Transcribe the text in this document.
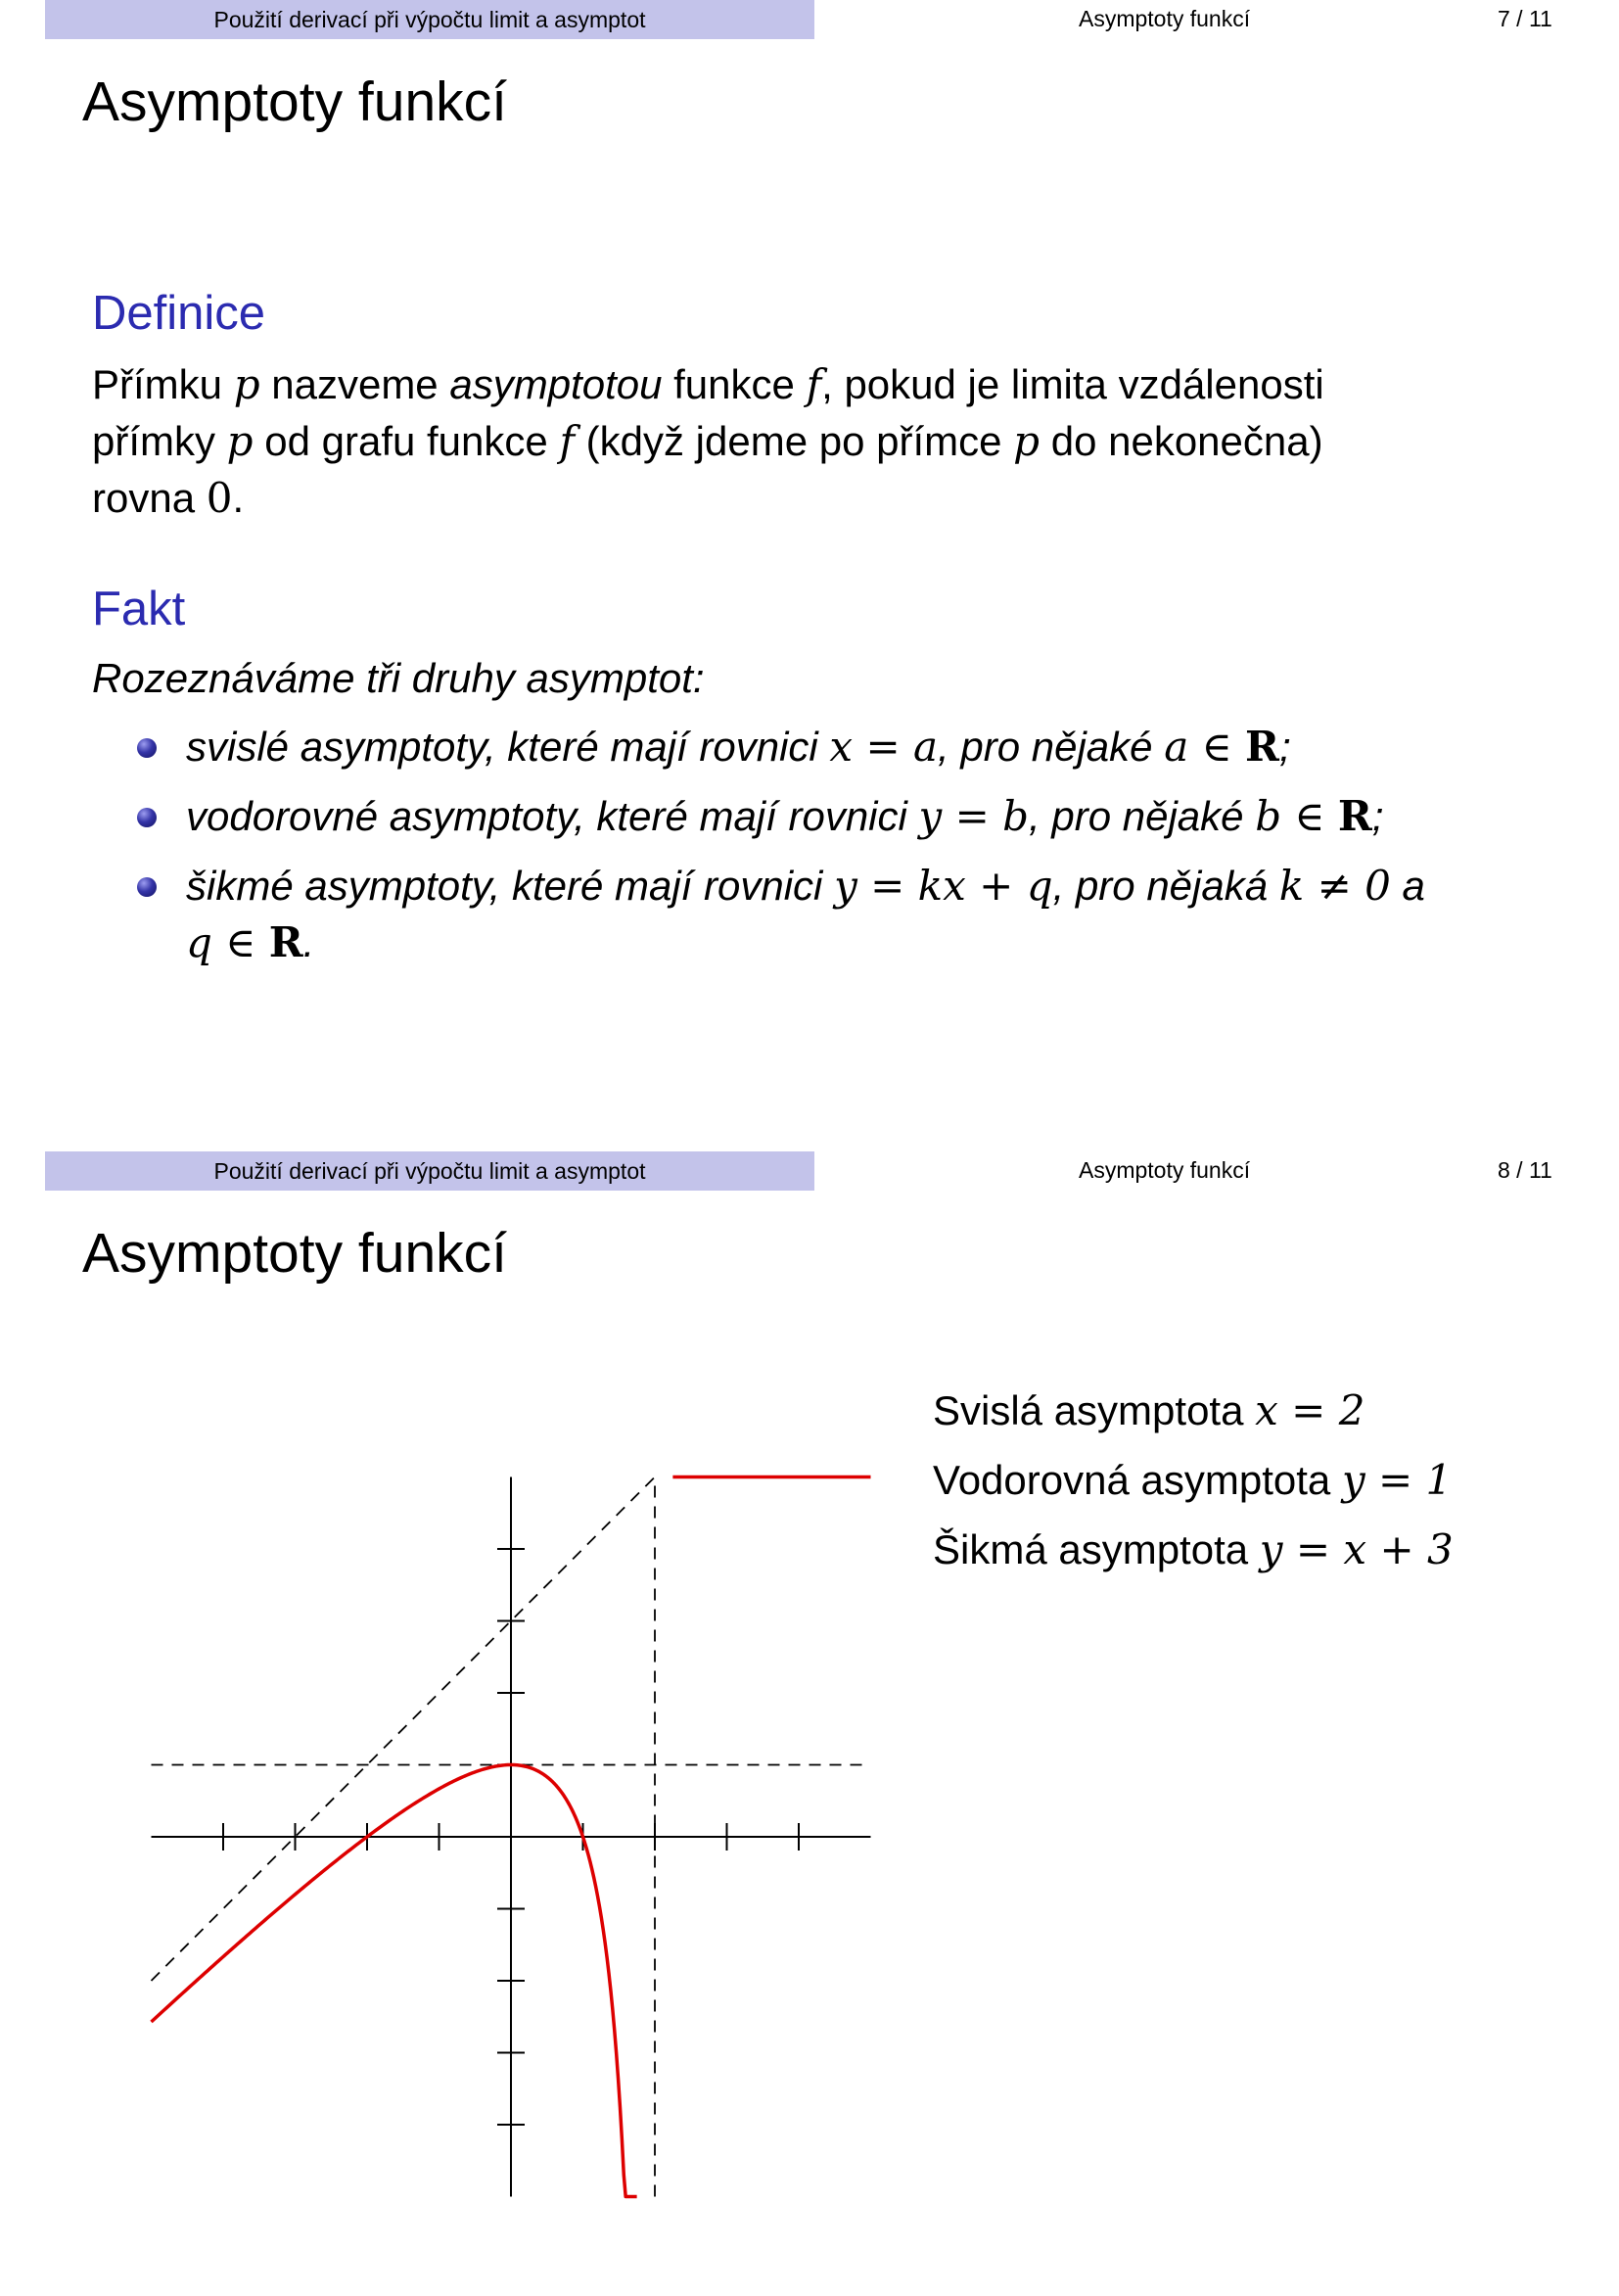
Použití derivací při výpočtu limit a asymptot	Asymptoty funkcí	7 / 11
Asymptoty funkcí
Definice
Přímku p nazveme asymptotou funkce f, pokud je limita vzdálenosti
přímky p od grafu funkce f (když jdeme po přímce p do nekonečna)
rovna 0.
Fakt
Rozeznáváme tři druhy asymptot:
svislé asymptoty, které mají rovnici x = a, pro nějaké a ∈ R;
vodorovné asymptoty, které mají rovnici y = b, pro nějaké b ∈ R;
šikmé asymptoty, které mají rovnici y = kx + q, pro nějaká k ≠ 0 a
q ∈ R.
Použití derivací při výpočtu limit a asymptot	Asymptoty funkcí	8 / 11
Asymptoty funkcí
Svislá asymptota x = 2
Vodorovná asymptota y = 1
Šikmá asymptota y = x + 3
